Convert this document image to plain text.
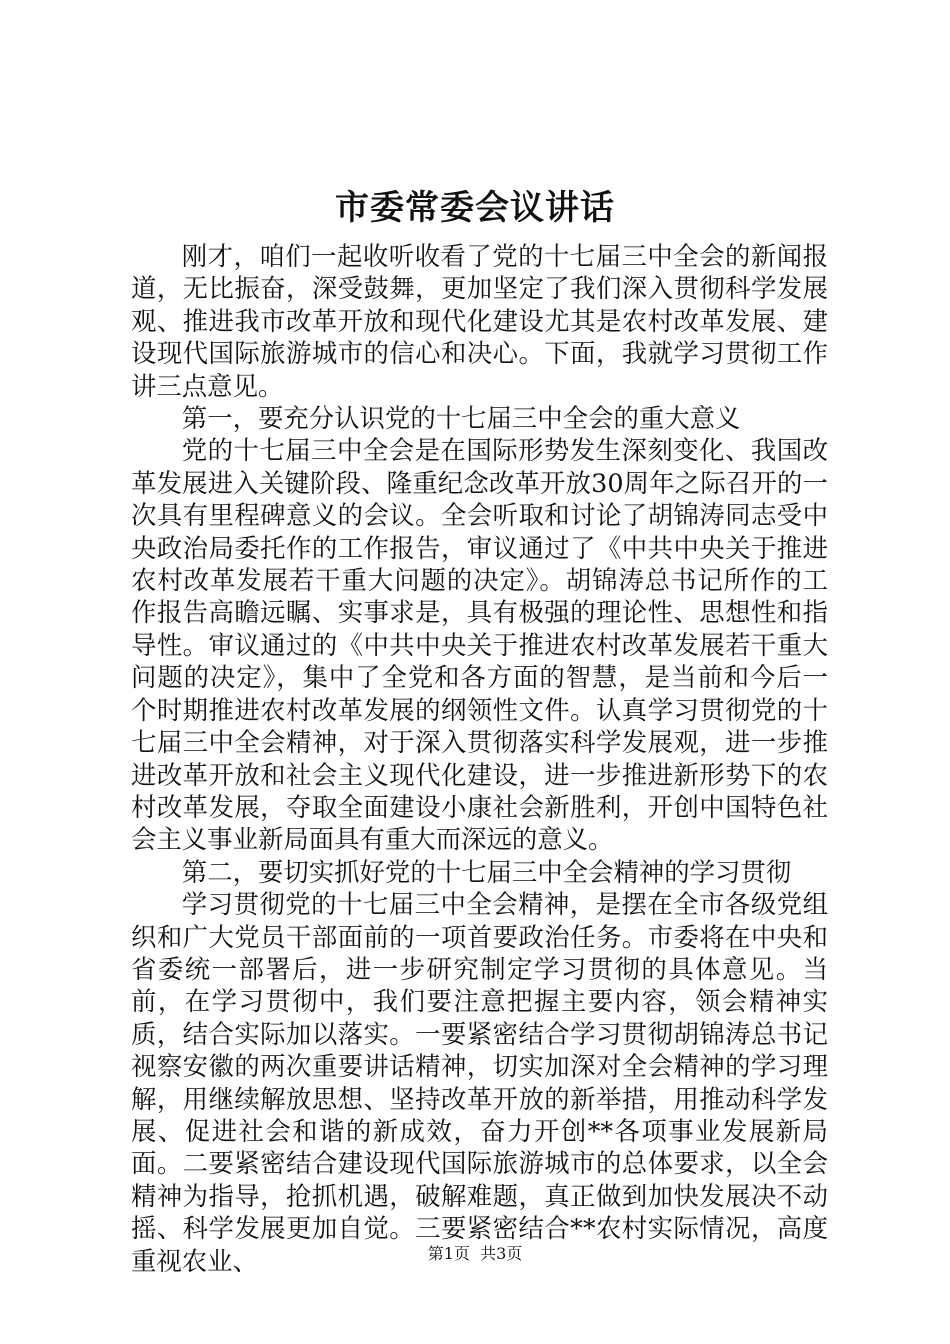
市委常委会议讲话

刚才，咱们一起收听收看了党的十七届三中全会的新闻报道，无比振奋，深受鼓舞，更加坚定了我们深入贯彻科学发展观、推进我市改革开放和现代化建设尤其是农村改革发展、建设现代国际旅游城市的信心和决心。下面，我就学习贯彻工作讲三点意见。

第一，要充分认识党的十七届三中全会的重大意义

党的十七届三中全会是在国际形势发生深刻变化、我国改革发展进入关键阶段、隆重纪念改革开放30周年之际召开的一次具有里程碑意义的会议。全会听取和讨论了胡锦涛同志受中央政治局委托作的工作报告，审议通过了《中共中央关于推进农村改革发展若干重大问题的决定》。胡锦涛总书记所作的工作报告高瞻远瞩、实事求是，具有极强的理论性、思想性和指导性。审议通过的《中共中央关于推进农村改革发展若干重大问题的决定》，集中了全党和各方面的智慧，是当前和今后一个时期推进农村改革发展的纲领性文件。认真学习贯彻党的十七届三中全会精神，对于深入贯彻落实科学发展观，进一步推进改革开放和社会主义现代化建设，进一步推进新形势下的农村改革发展，夺取全面建设小康社会新胜利，开创中国特色社会主义事业新局面具有重大而深远的意义。

第二，要切实抓好党的十七届三中全会精神的学习贯彻

学习贯彻党的十七届三中全会精神，是摆在全市各级党组织和广大党员干部面前的一项首要政治任务。市委将在中央和省委统一部署后，进一步研究制定学习贯彻的具体意见。当前，在学习贯彻中，我们要注意把握主要内容，领会精神实质，结合实际加以落实。一要紧密结合学习贯彻胡锦涛总书记视察安徽的两次重要讲话精神，切实加深对全会精神的学习理解，用继续解放思想、坚持改革开放的新举措，用推动科学发展、促进社会和谐的新成效，奋力开创**各项事业发展新局面。二要紧密结合建设现代国际旅游城市的总体要求，以全会精神为指导，抢抓机遇，破解难题，真正做到加快发展决不动摇、科学发展更加自觉。三要紧密结合**农村实际情况，高度重视农业、	第1页 共3页
